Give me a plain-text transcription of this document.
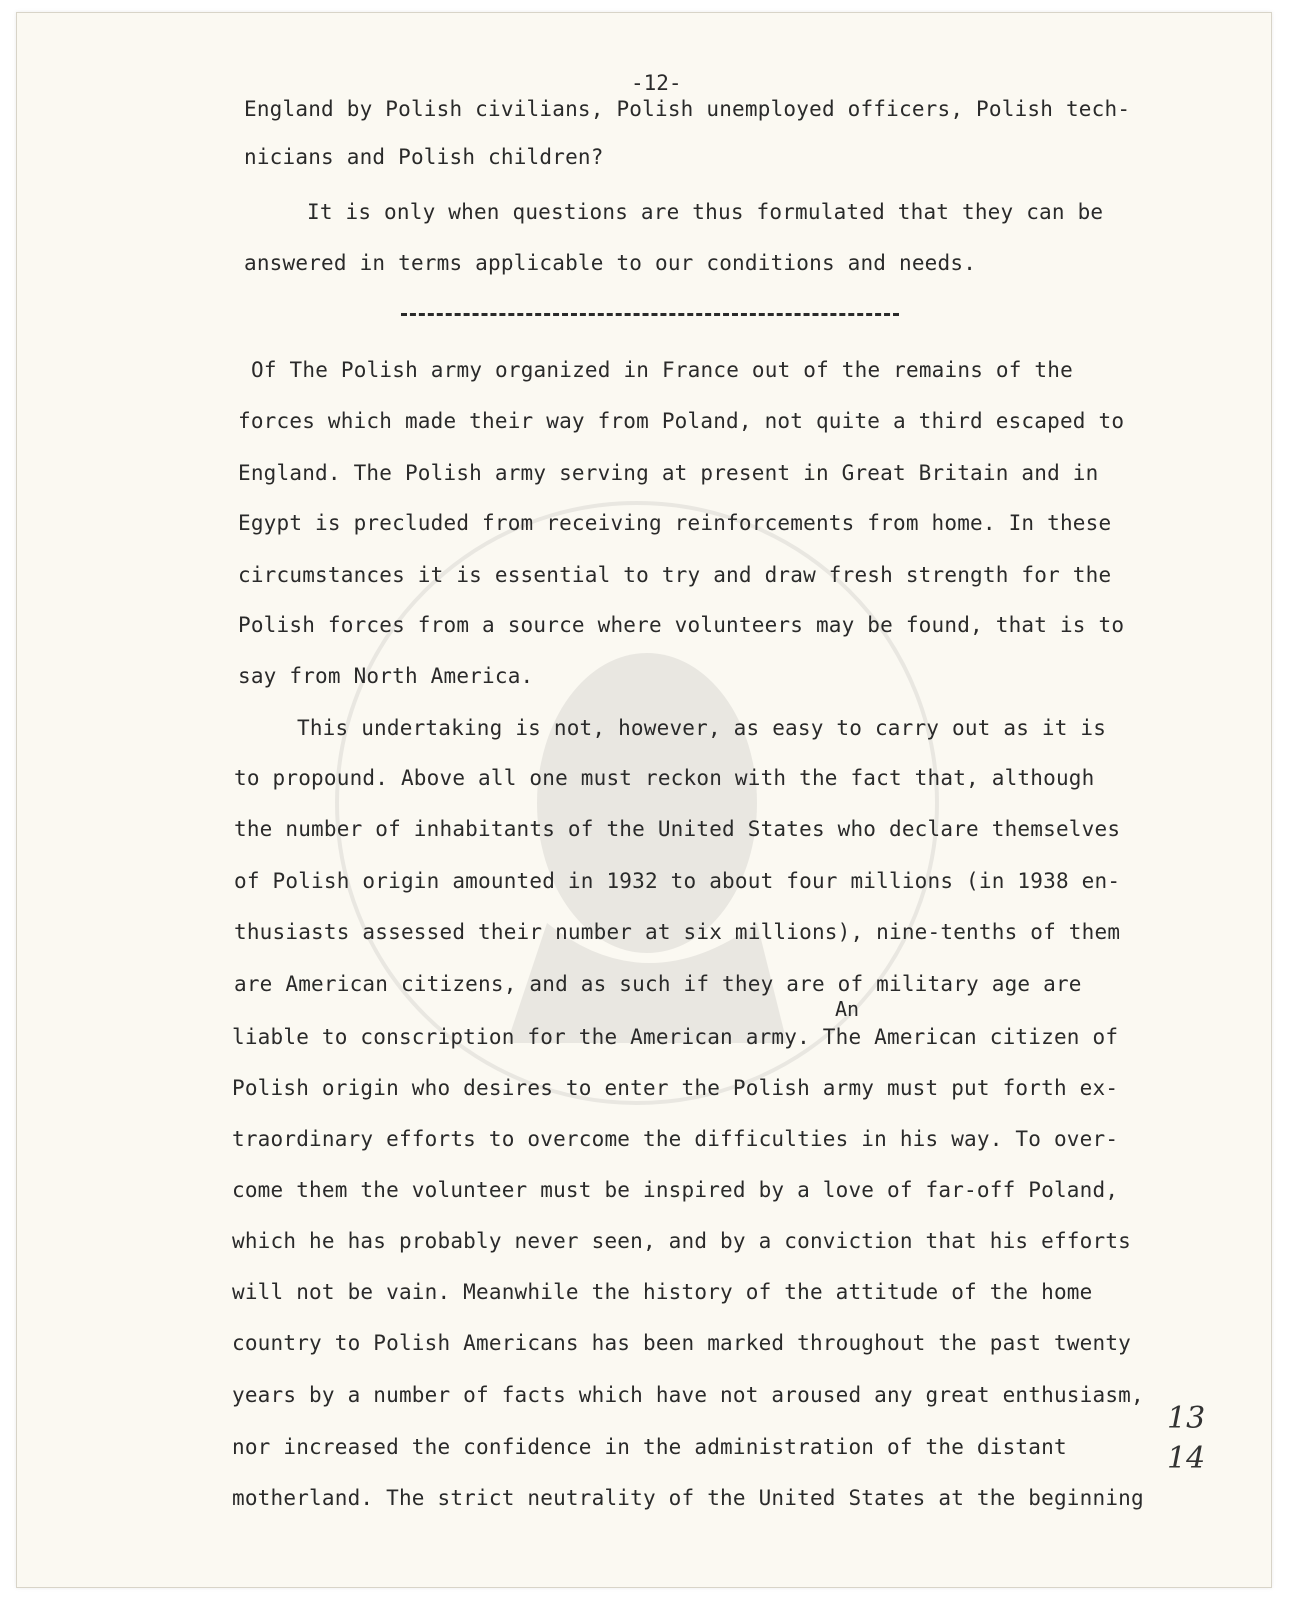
-12-

England by Polish civilians, Polish unemployed officers, Polish tech-

nicians and Polish children?

It is only when questions are thus formulated that they can be

answered in terms applicable to our conditions and needs.

Of The Polish army organized in France out of the remains of the

forces which made their way from Poland, not quite a third escaped to

England. The Polish army serving at present in Great Britain and in

Egypt is precluded from receiving reinforcements from home. In these

circumstances it is essential to try and draw fresh strength for the

Polish forces from a source where volunteers may be found, that is to

say from North America.

This undertaking is not, however, as easy to carry out as it is

to propound. Above all one must reckon with the fact that, although

the number of inhabitants of the United States who declare themselves

of Polish origin amounted in 1932 to about four millions (in 1938 en-

thusiasts assessed their number at six millions), nine-tenths of them

are American citizens, and as such if they are of military age are

An

liable to conscription for the American army. The American citizen of

Polish origin who desires to enter the Polish army must put forth ex-

traordinary efforts to overcome the difficulties in his way. To over-

come them the volunteer must be inspired by a love of far-off Poland,

which he has probably never seen, and by a conviction that his efforts

will not be vain. Meanwhile the history of the attitude of the home

country to Polish Americans has been marked throughout the past twenty

years by a number of facts which have not aroused any great enthusiasm,

nor increased the confidence in the administration of the distant

motherland. The strict neutrality of the United States at the beginning

13

14
